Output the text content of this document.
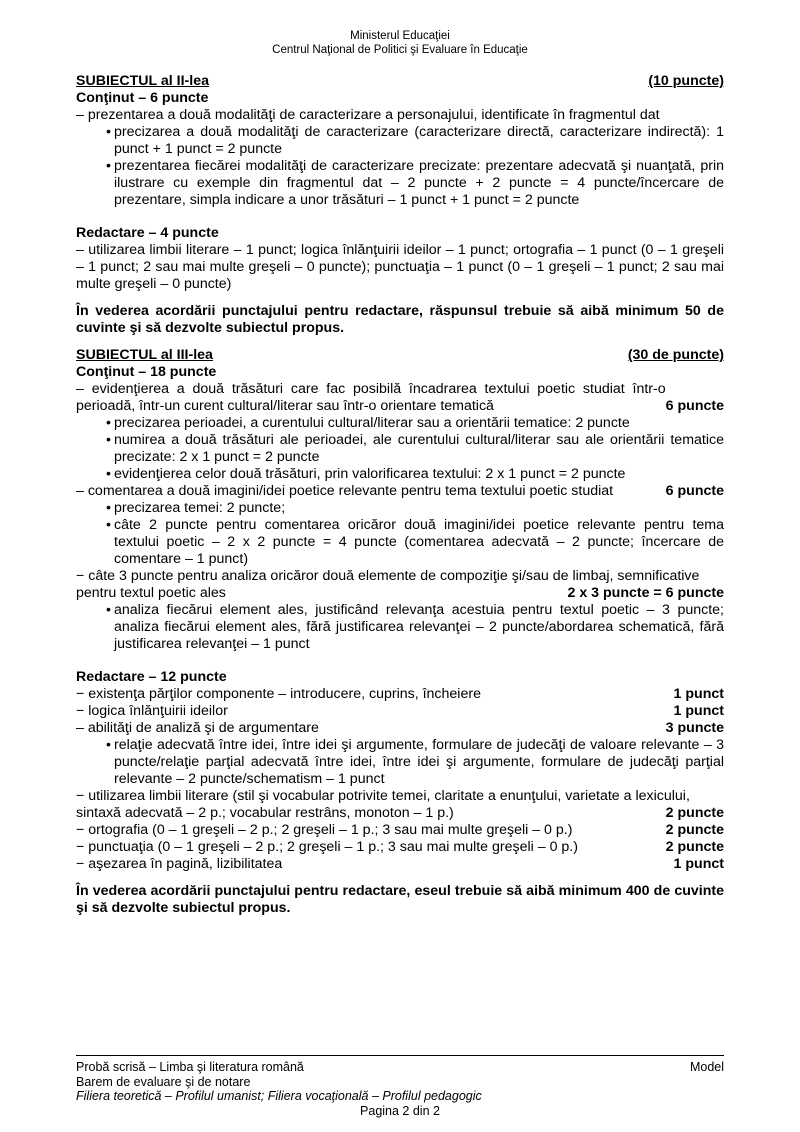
Ministerul Educaţiei
Centrul Naţional de Politici şi Evaluare în Educaţie
SUBIECTUL al II-lea	(10 puncte)

Conţinut – 6 puncte

– prezentarea a două modalităţi de caracterizare a personajului, identificate în fragmentul dat

• precizarea a două modalităţi de caracterizare (caracterizare directă, caracterizare indirectă): 1 punct + 1 punct = 2 puncte
• prezentarea fiecărei modalităţi de caracterizare precizate: prezentare adecvată şi nuanţată, prin ilustrare cu exemple din fragmentul dat – 2 puncte + 2 puncte = 4 puncte/încercare de prezentare, simpla indicare a unor trăsături – 1 punct + 1 punct = 2 puncte

Redactare – 4 puncte

– utilizarea limbii literare – 1 punct; logica înlănţuirii ideilor – 1 punct; ortografia – 1 punct (0 – 1 greşeli – 1 punct; 2 sau mai multe greşeli – 0 puncte); punctuaţia – 1 punct (0 – 1 greşeli – 1 punct; 2 sau mai multe greşeli – 0 puncte)

În vederea acordării punctajului pentru redactare, răspunsul trebuie să aibă minimum 50 de cuvinte şi să dezvolte subiectul propus.

SUBIECTUL al III-lea	(30 de puncte)

Conţinut – 18 puncte

– evidenţierea a două trăsături care fac posibilă încadrarea textului poetic studiat într-o perioadă, într-un curent cultural/literar sau într-o orientare tematică	6 puncte
• precizarea perioadei, a curentului cultural/literar sau a orientării tematice: 2 puncte
• numirea a două trăsături ale perioadei, ale curentului cultural/literar sau ale orientării tematice precizate: 2 x 1 punct = 2 puncte
• evidenţierea celor două trăsături, prin valorificarea textului: 2 x 1 punct = 2 puncte
– comentarea a două imagini/idei poetice relevante pentru tema textului poetic studiat	6 puncte
• precizarea temei: 2 puncte;
• câte 2 puncte pentru comentarea oricăror două imagini/idei poetice relevante pentru tema textului poetic – 2 x 2 puncte = 4 puncte (comentarea adecvată – 2 puncte; încercare de comentare – 1 punct)

− câte 3 puncte pentru analiza oricăror două elemente de compoziţie şi/sau de limbaj, semnificative

pentru textul poetic ales	2 x 3 puncte = 6 puncte
• analiza fiecărui element ales, justificând relevanţa acestuia pentru textul poetic – 3 puncte; analiza fiecărui element ales, fără justificarea relevanţei – 2 puncte/abordarea schematică, fără justificarea relevanţei – 1 punct

Redactare – 12 puncte

− existenţa părţilor componente – introducere, cuprins, încheiere	1 punct
− logica înlănţuirii ideilor	1 punct
– abilităţi de analiză şi de argumentare	3 puncte
• relaţie adecvată între idei, între idei şi argumente, formulare de judecăţi de valoare relevante – 3 puncte/relaţie parţial adecvată între idei, între idei şi argumente, formulare de judecăţi parţial relevante – 2 puncte/schematism – 1 punct

− utilizarea limbii literare (stil şi vocabular potrivite temei, claritate a enunţului, varietate a lexicului,

sintaxă adecvată – 2 p.; vocabular restrâns, monoton – 1 p.)	2 puncte
− ortografia (0 – 1 greşeli – 2 p.; 2 greşeli – 1 p.; 3 sau mai multe greşeli – 0 p.)	2 puncte
− punctuaţia (0 – 1 greşeli – 2 p.; 2 greşeli – 1 p.; 3 sau mai multe greşeli – 0 p.)	2 puncte
− aşezarea în pagină, lizibilitatea	1 punct

În vederea acordării punctajului pentru redactare, eseul trebuie să aibă minimum 400 de cuvinte şi să dezvolte subiectul propus.

Probă scrisă – Limba şi literatura română	Model
Barem de evaluare şi de notare
Filiera teoretică – Profilul umanist; Filiera vocaţională – Profilul pedagogic
Pagina 2 din 2
